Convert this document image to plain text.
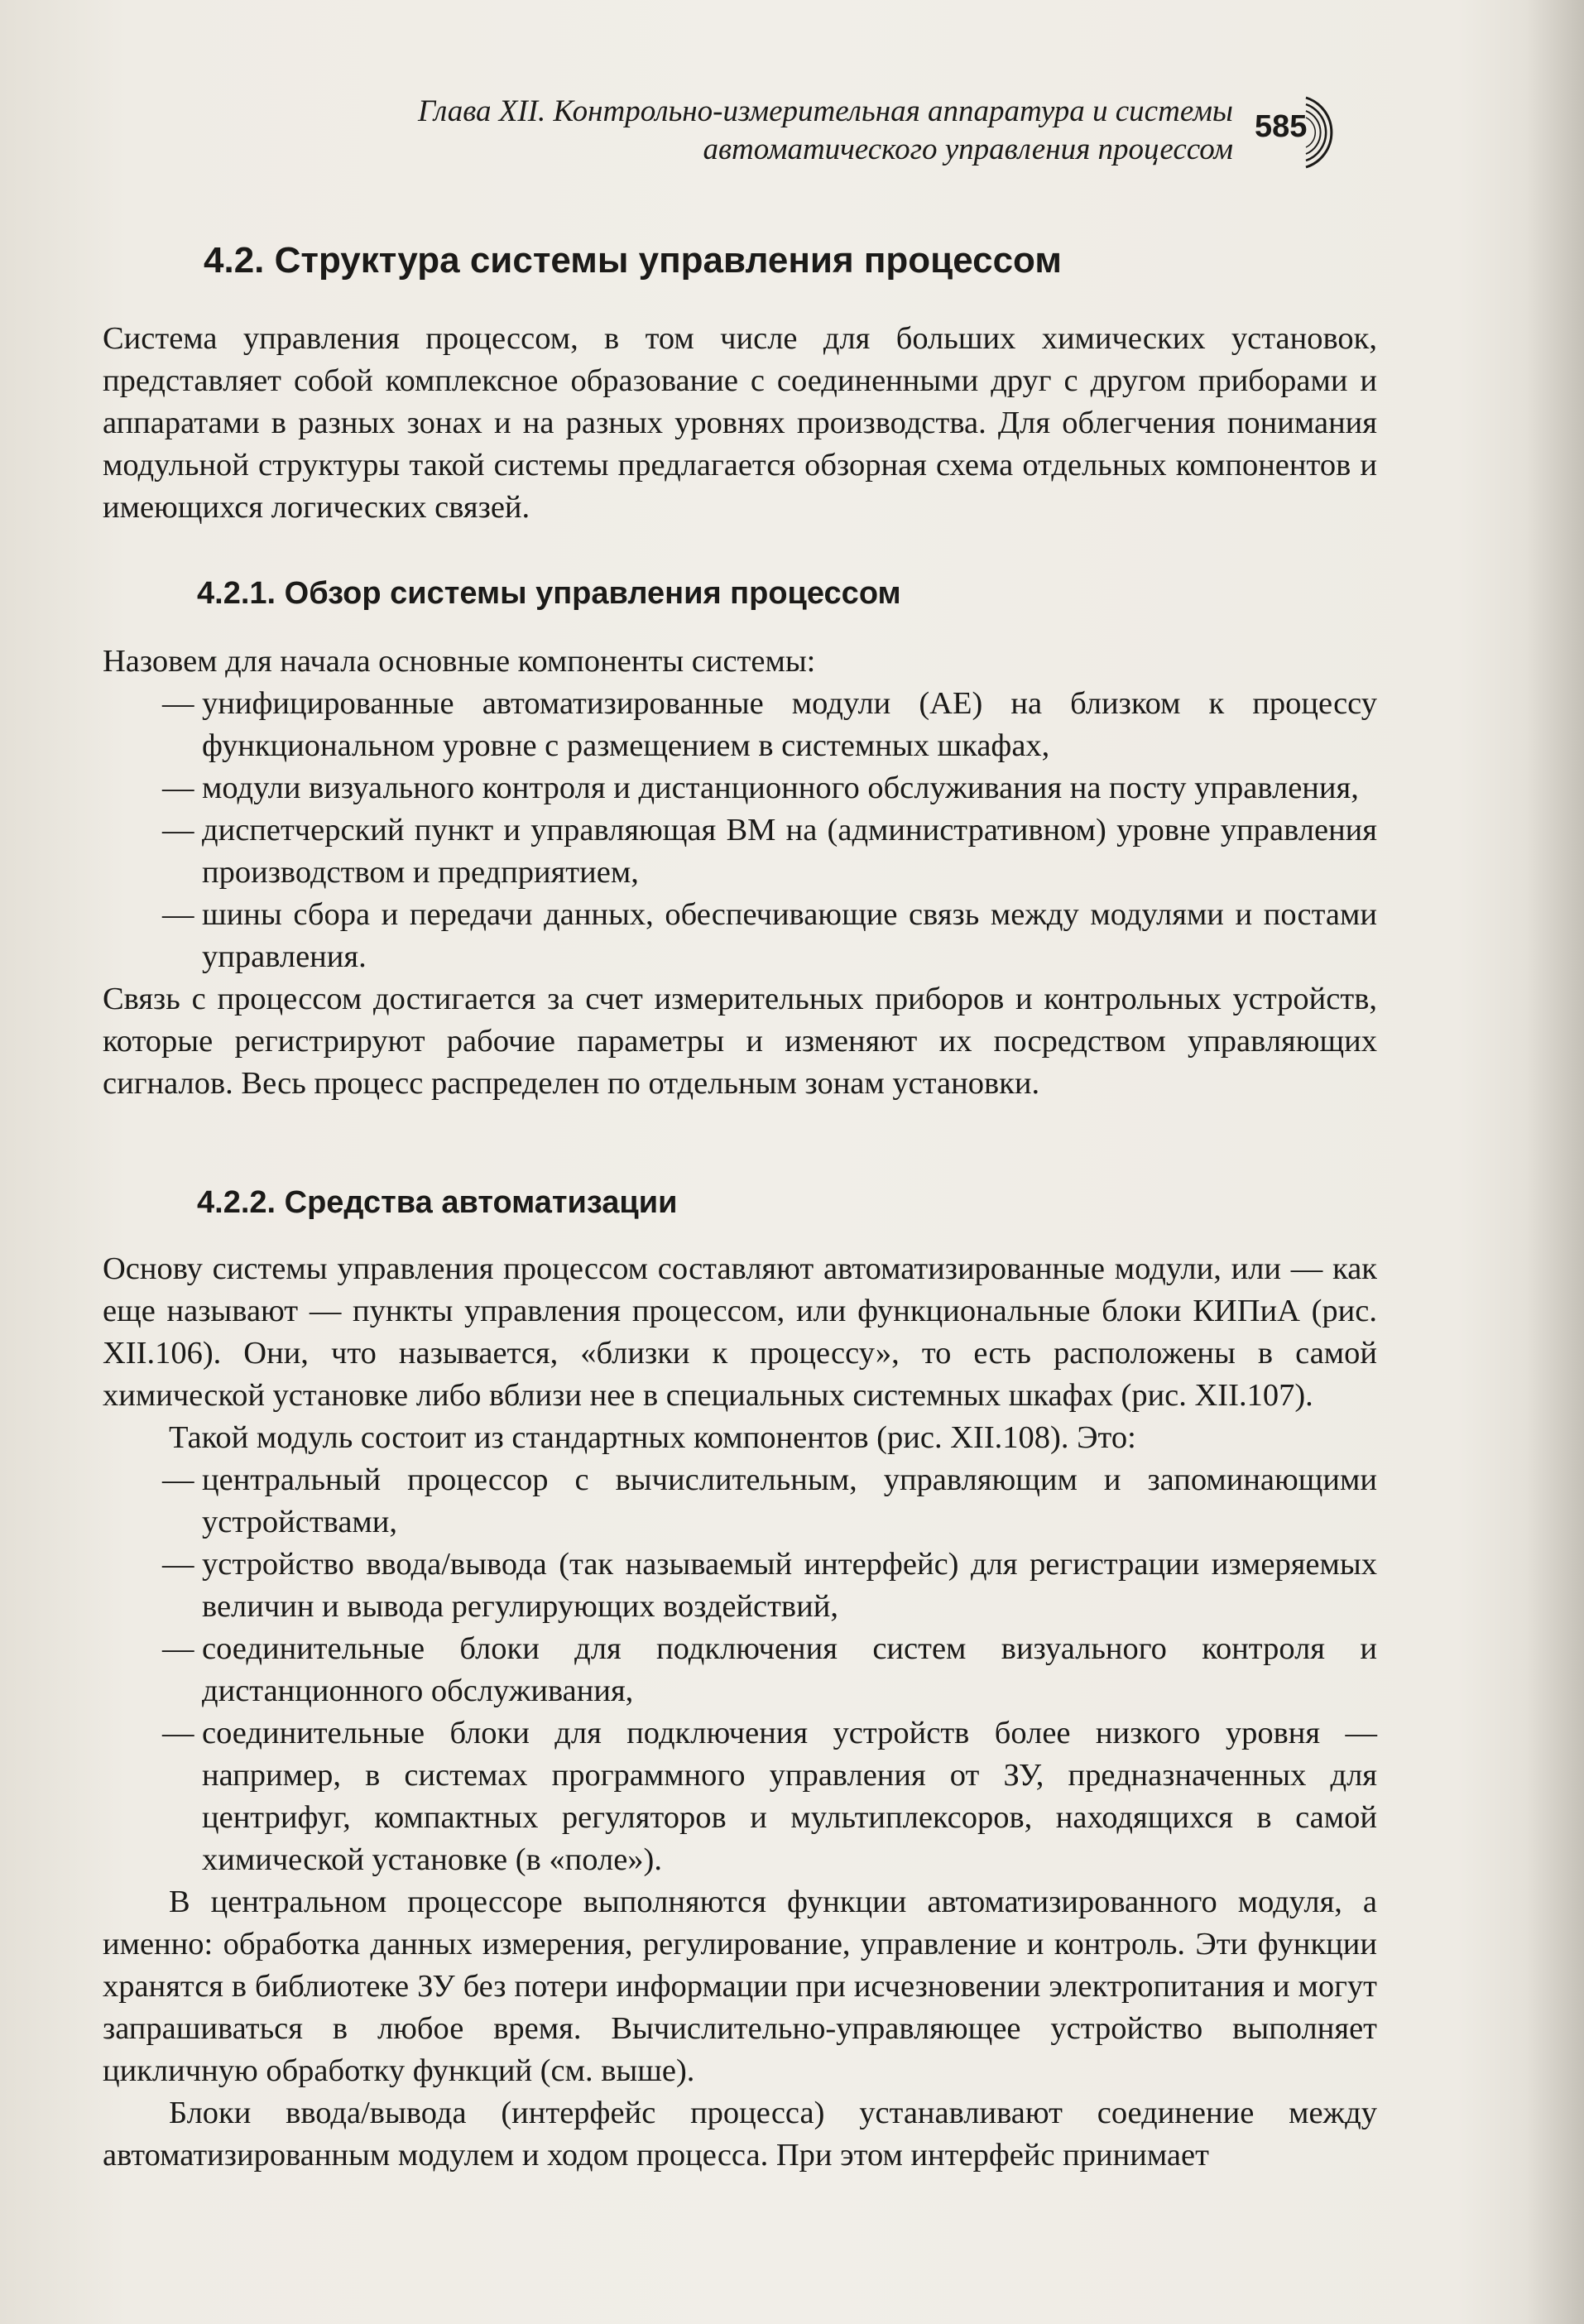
Глава XII. Контрольно-измерительная аппаратура и системы
автоматического управления процессом
585
4.2. Структура системы управления процессом

Система управления процессом, в том числе для больших химических установок, представляет собой комплексное образование с соединенными друг с другом приборами и аппаратами в разных зонах и на разных уровнях производства. Для облегчения понимания модульной структуры такой системы предлагается обзорная схема отдельных компонентов и имеющихся логических связей.

4.2.1. Обзор системы управления процессом

Назовем для начала основные компоненты системы:

— унифицированные автоматизированные модули (АЕ) на близком к процессу функциональном уровне с размещением в системных шкафах,
— модули визуального контроля и дистанционного обслуживания на посту управления,
— диспетчерский пункт и управляющая ВМ на (административном) уровне управления производством и предприятием,
— шины сбора и передачи данных, обеспечивающие связь между модулями и постами управления.

Связь с процессом достигается за счет измерительных приборов и контрольных устройств, которые регистрируют рабочие параметры и изменяют их посредством управляющих сигналов. Весь процесс распределен по отдельным зонам установки.

4.2.2. Средства автоматизации

Основу системы управления процессом составляют автоматизированные модули, или — как еще называют — пункты управления процессом, или функциональные блоки КИПиА (рис. XII.106). Они, что называется, «близки к процессу», то есть расположены в самой химической установке либо вблизи нее в специальных системных шкафах (рис. XII.107).

Такой модуль состоит из стандартных компонентов (рис. XII.108). Это:

— центральный процессор с вычислительным, управляющим и запоминающими устройствами,
— устройство ввода/вывода (так называемый интерфейс) для регистрации измеряемых величин и вывода регулирующих воздействий,
— соединительные блоки для подключения систем визуального контроля и дистанционного обслуживания,
— соединительные блоки для подключения устройств более низкого уровня — например, в системах программного управления от ЗУ, предназначенных для центрифуг, компактных регуляторов и мультиплексоров, находящихся в самой химической установке (в «поле»).

В центральном процессоре выполняются функции автоматизированного модуля, а именно: обработка данных измерения, регулирование, управление и контроль. Эти функции хранятся в библиотеке ЗУ без потери информации при исчезновении электропитания и могут запрашиваться в любое время. Вычислительно-управляющее устройство выполняет цикличную обработку функций (см. выше).

Блоки ввода/вывода (интерфейс процесса) устанавливают соединение между автоматизированным модулем и ходом процесса. При этом интерфейс принимает
